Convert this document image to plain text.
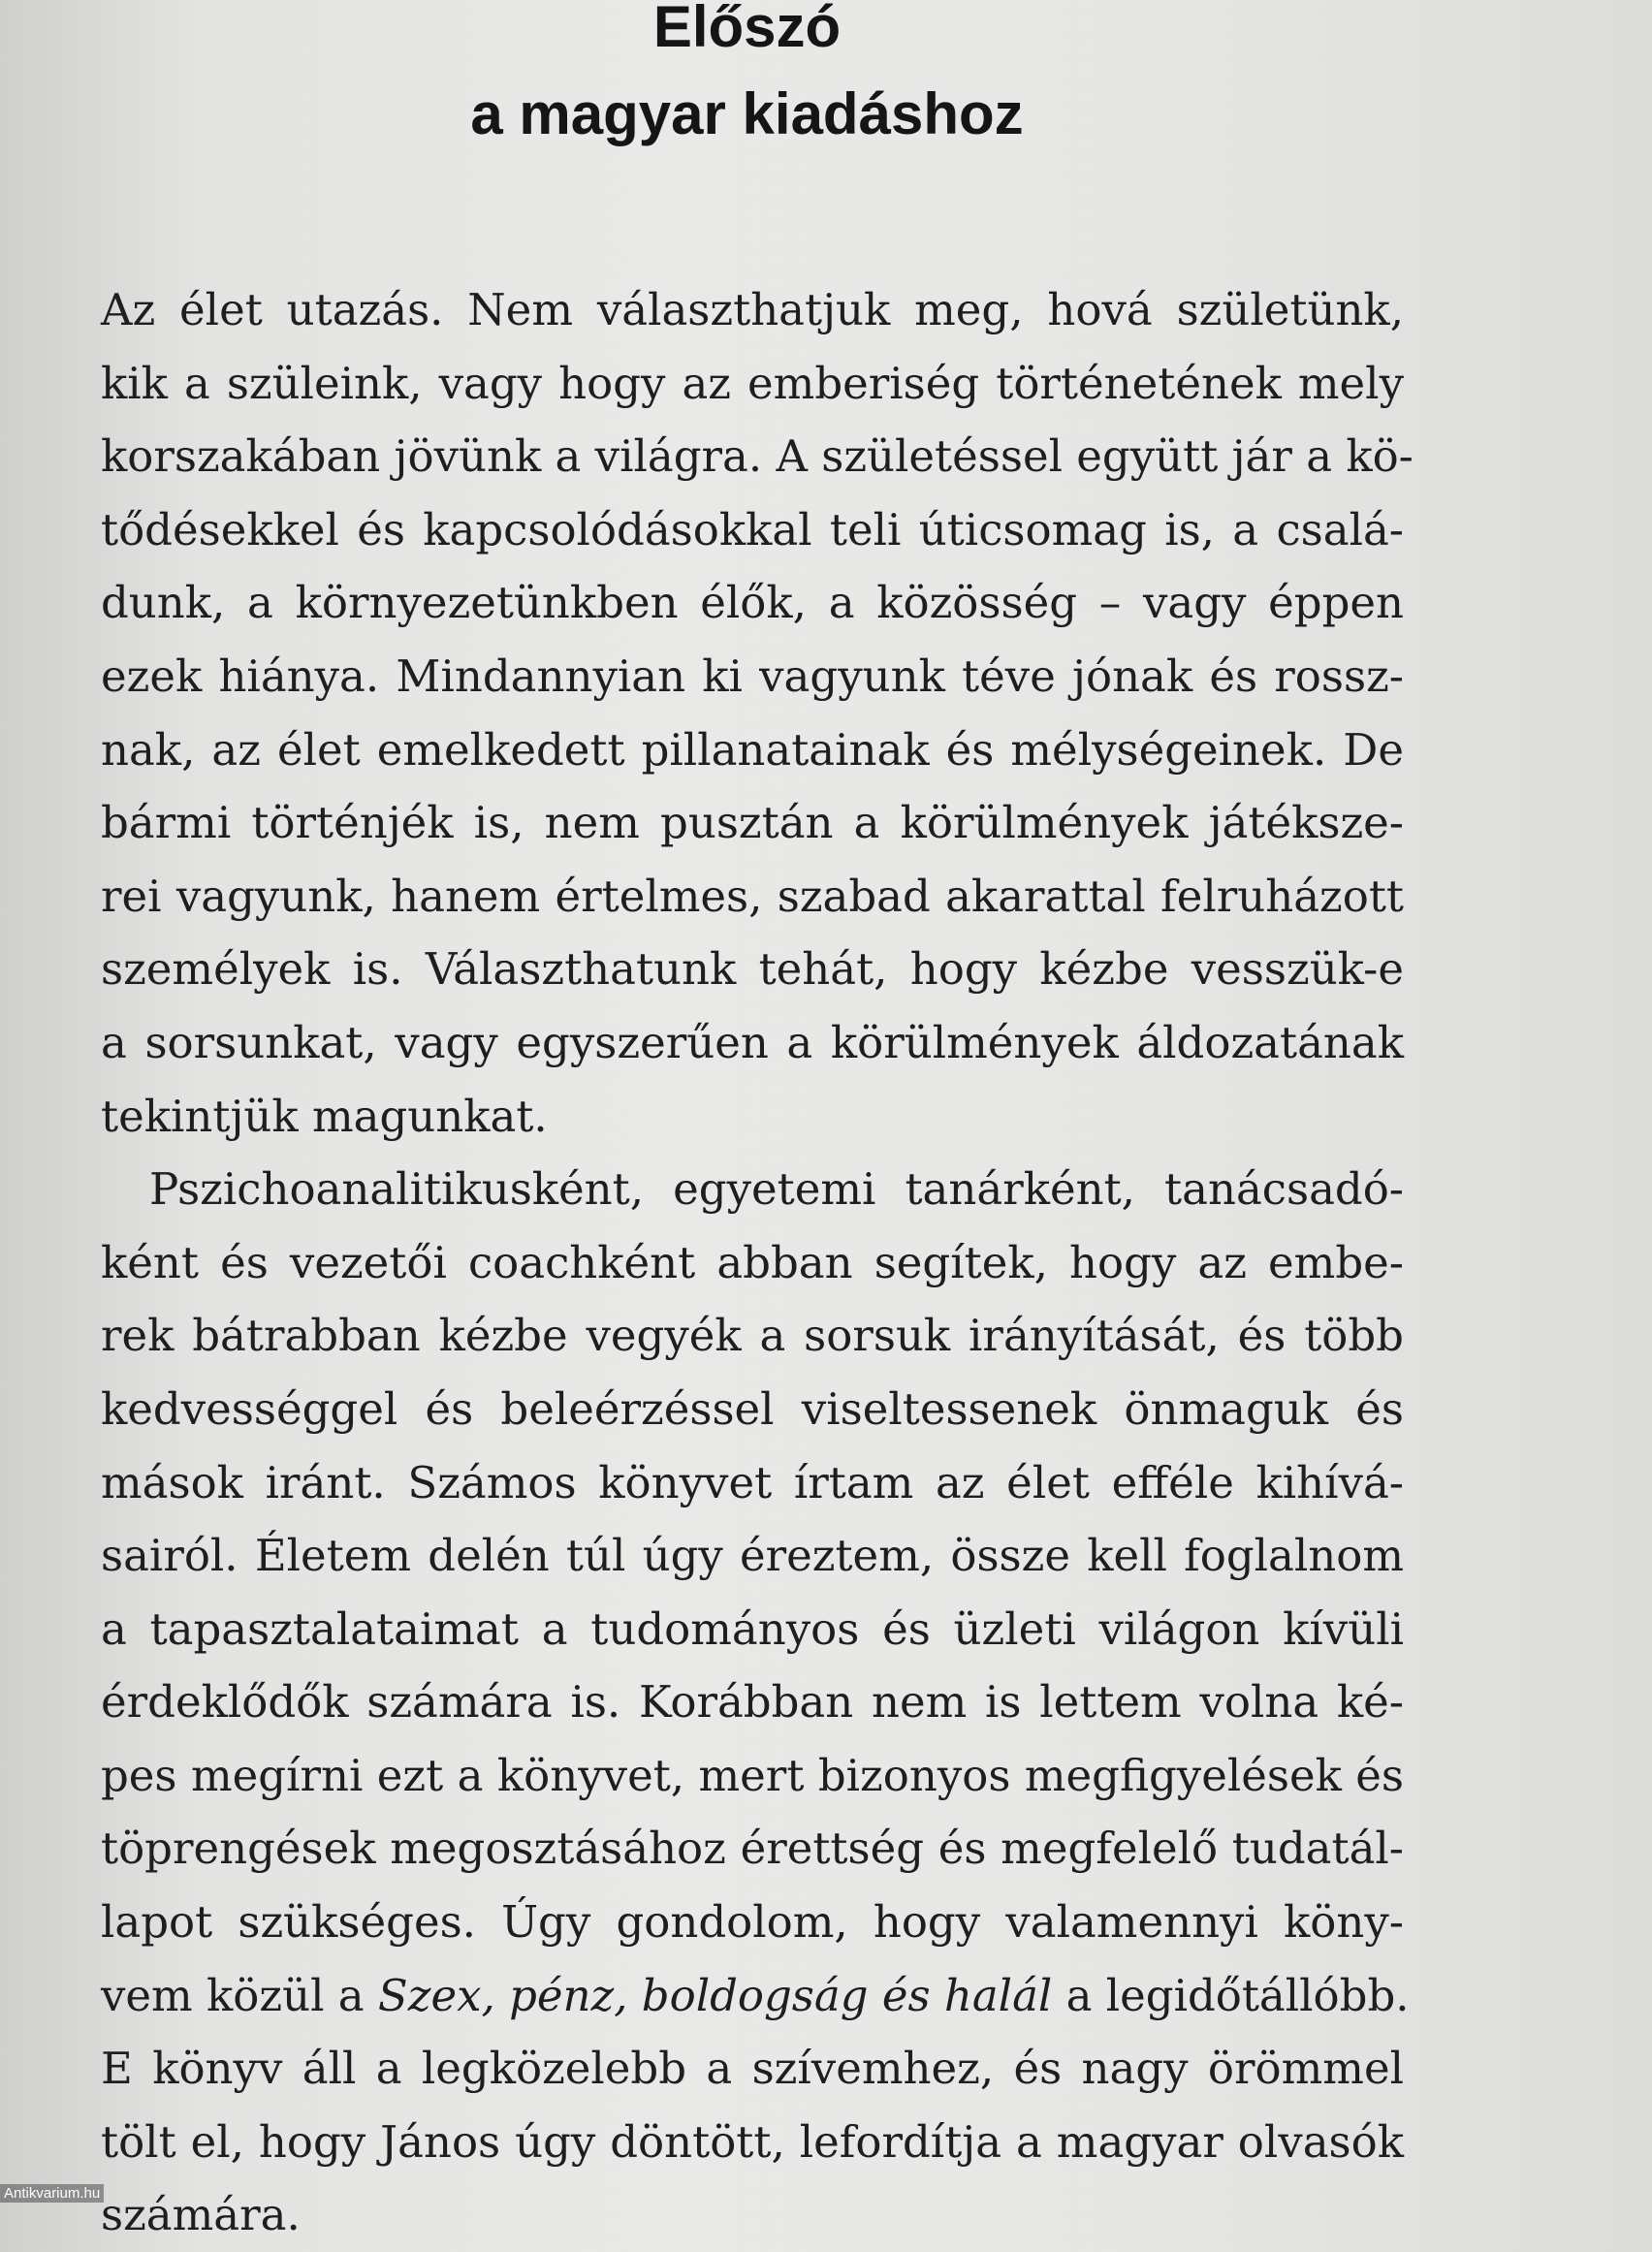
Előszó
a magyar kiadáshoz

Az élet utazás. Nem választhatjuk meg, hová születünk,
kik a szüleink, vagy hogy az emberiség történetének mely
korszakában jövünk a világra. A születéssel együtt jár a kö-
tődésekkel és kapcsolódásokkal teli úticsomag is, a csalá-
dunk, a környezetünkben élők, a közösség – vagy éppen
ezek hiánya. Mindannyian ki vagyunk téve jónak és rossz-
nak, az élet emelkedett pillanatainak és mélységeinek. De
bármi történjék is, nem pusztán a körülmények játéksze-
rei vagyunk, hanem értelmes, szabad akarattal felruházott
személyek is. Választhatunk tehát, hogy kézbe vesszük-e
a sorsunkat, vagy egyszerűen a körülmények áldozatának
tekintjük magunkat.

Pszichoanalitikusként, egyetemi tanárként, tanácsadó-
ként és vezetői coachként abban segítek, hogy az embe-
rek bátrabban kézbe vegyék a sorsuk irányítását, és több
kedvességgel és beleérzéssel viseltessenek önmaguk és
mások iránt. Számos könyvet írtam az élet efféle kihívá-
sairól. Életem delén túl úgy éreztem, össze kell foglalnom
a tapasztalataimat a tudományos és üzleti világon kívüli
érdeklődők számára is. Korábban nem is lettem volna ké-
pes megírni ezt a könyvet, mert bizonyos megfigyelések és
töprengések megosztásához érettség és megfelelő tudatál-
lapot szükséges. Úgy gondolom, hogy valamennyi köny-
vem közül a Szex, pénz, boldogság és halál a legidőtállóbb.
E könyv áll a legközelebb a szívemhez, és nagy örömmel
tölt el, hogy János úgy döntött, lefordítja a magyar olvasók
számára.

Antikvarium.hu
